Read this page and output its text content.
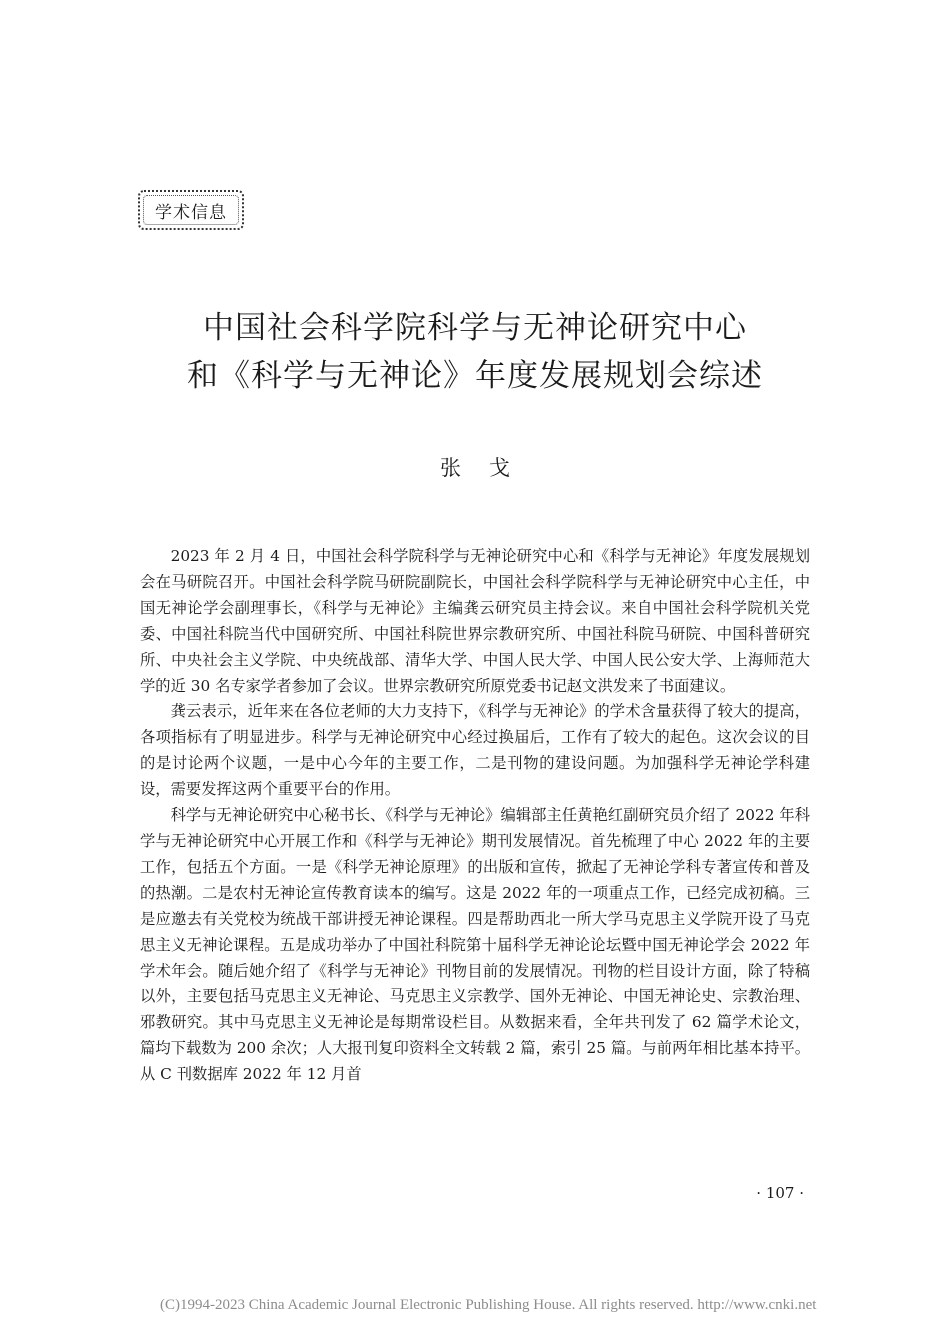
学术信息
中国社会科学院科学与无神论研究中心
和《科学与无神论》年度发展规划会综述
张戈

2023 年 2 月 4 日，中国社会科学院科学与无神论研究中心和《科学与无神论》年度发展规划会在马研院召开。中国社会科学院马研院副院长，中国社会科学院科学与无神论研究中心主任，中国无神论学会副理事长，《科学与无神论》主编龚云研究员主持会议。来自中国社会科学院机关党委、中国社科院当代中国研究所、中国社科院世界宗教研究所、中国社科院马研院、中国科普研究所、中央社会主义学院、中央统战部、清华大学、中国人民大学、中国人民公安大学、上海师范大学的近 30 名专家学者参加了会议。世界宗教研究所原党委书记赵文洪发来了书面建议。

龚云表示，近年来在各位老师的大力支持下，《科学与无神论》的学术含量获得了较大的提高，各项指标有了明显进步。科学与无神论研究中心经过换届后，工作有了较大的起色。这次会议的目的是讨论两个议题，一是中心今年的主要工作，二是刊物的建设问题。为加强科学无神论学科建设，需要发挥这两个重要平台的作用。

科学与无神论研究中心秘书长、《科学与无神论》编辑部主任黄艳红副研究员介绍了 2022 年科学与无神论研究中心开展工作和《科学与无神论》期刊发展情况。首先梳理了中心 2022 年的主要工作，包括五个方面。一是《科学无神论原理》的出版和宣传，掀起了无神论学科专著宣传和普及的热潮。二是农村无神论宣传教育读本的编写。这是 2022 年的一项重点工作，已经完成初稿。三是应邀去有关党校为统战干部讲授无神论课程。四是帮助西北一所大学马克思主义学院开设了马克思主义无神论课程。五是成功举办了中国社科院第十届科学无神论论坛暨中国无神论学会 2022 年学术年会。随后她介绍了《科学与无神论》刊物目前的发展情况。刊物的栏目设计方面，除了特稿以外，主要包括马克思主义无神论、马克思主义宗教学、国外无神论、中国无神论史、宗教治理、邪教研究。其中马克思主义无神论是每期常设栏目。从数据来看，全年共刊发了 62 篇学术论文，篇均下载数为 200 余次；人大报刊复印资料全文转载 2 篇，索引 25 篇。与前两年相比基本持平。从 C 刊数据库 2022 年 12 月首

· 107 ·
(C)1994-2023 China Academic Journal Electronic Publishing House. All rights reserved. http://www.cnki.net
